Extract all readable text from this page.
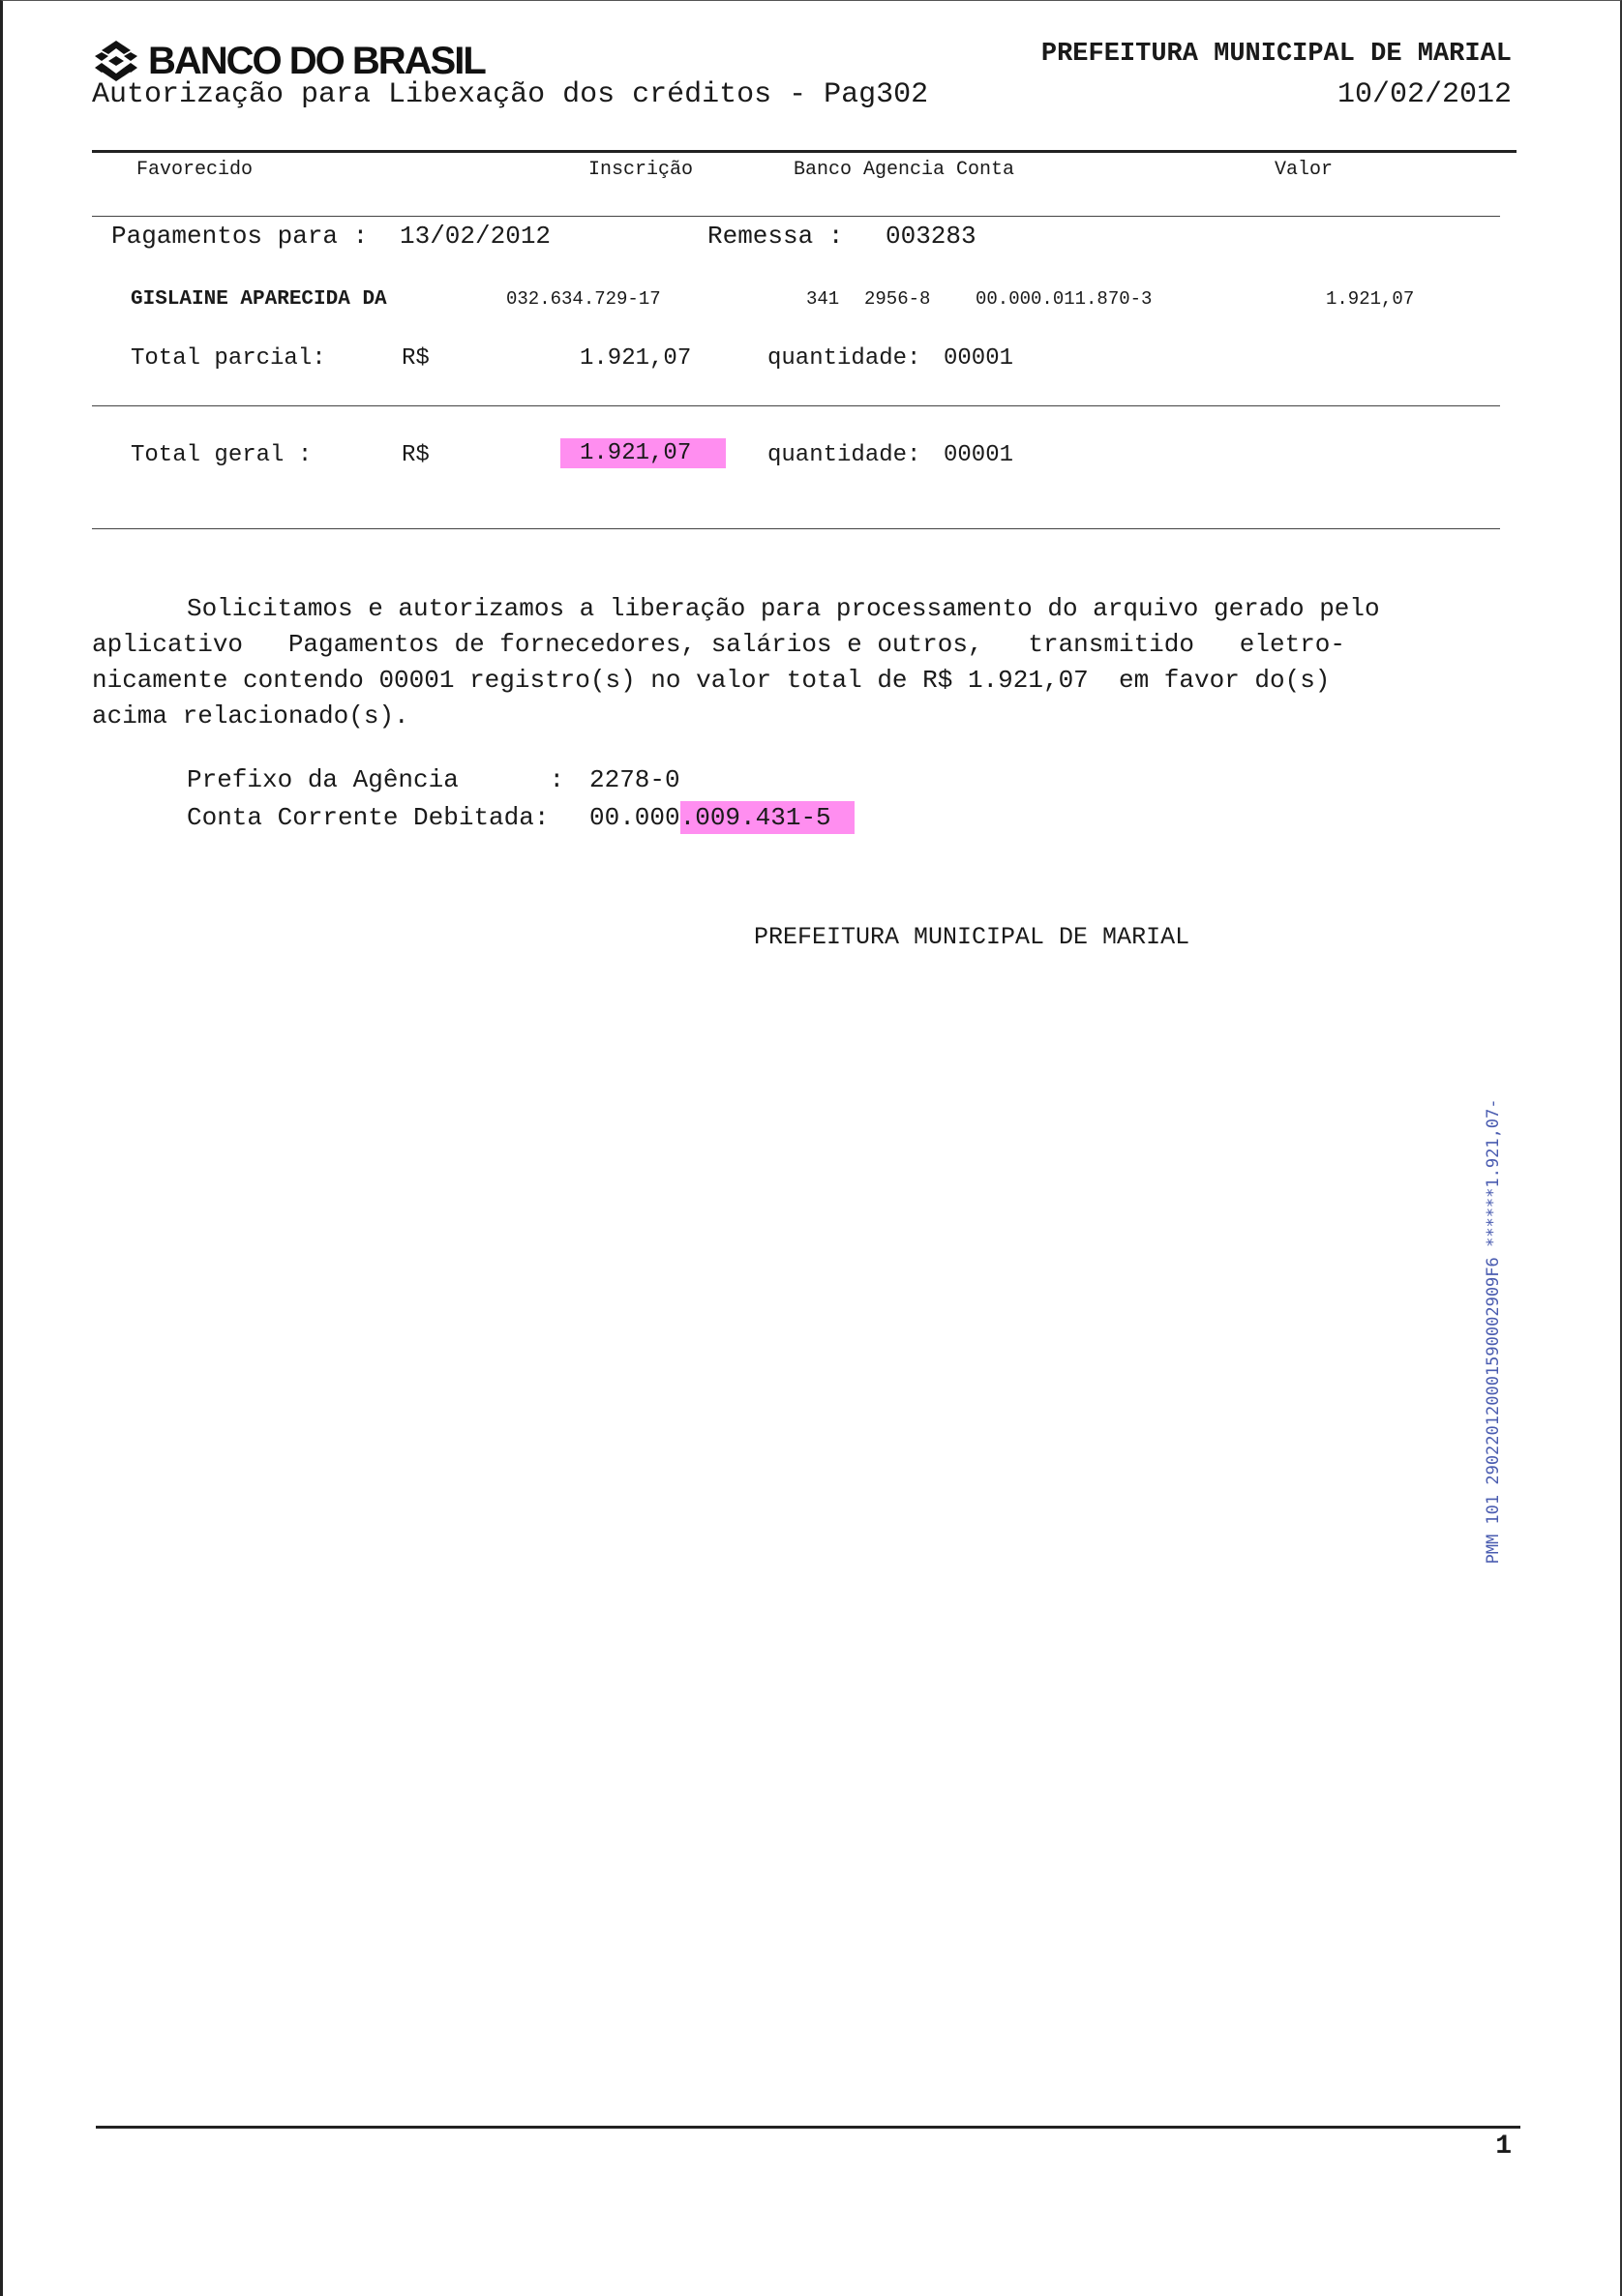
BANCO DO BRASIL
Autorização para Libexação dos créditos - Pag302
PREFEITURA MUNICIPAL DE MARIAL
10/02/2012
Favorecido	Inscrição	Banco Agencia Conta	Valor
Pagamentos para : 13/02/2012	Remessa : 003283
GISLAINE APARECIDA DA	032.634.729-17	341 2956-8 00.000.011.870-3	1.921,07
Total parcial:	R$	1.921,07	quantidade: 00001
Total geral :	R$	1.921,07	quantidade: 00001
Solicitamos e autorizamos a liberação para processamento do arquivo gerado pelo
aplicativo   Pagamentos de fornecedores, salários e outros,   transmitido   eletro-
nicamente contendo 00001 registro(s) no valor total de R$ 1.921,07  em favor do(s)
acima relacionado(s).
Prefixo da Agência      : 2278-0
Conta Corrente Debitada: 00.000.009.431-5
PREFEITURA MUNICIPAL DE MARIAL
PMM 101 290220120001590002909F6 ******1.921,07-
1
